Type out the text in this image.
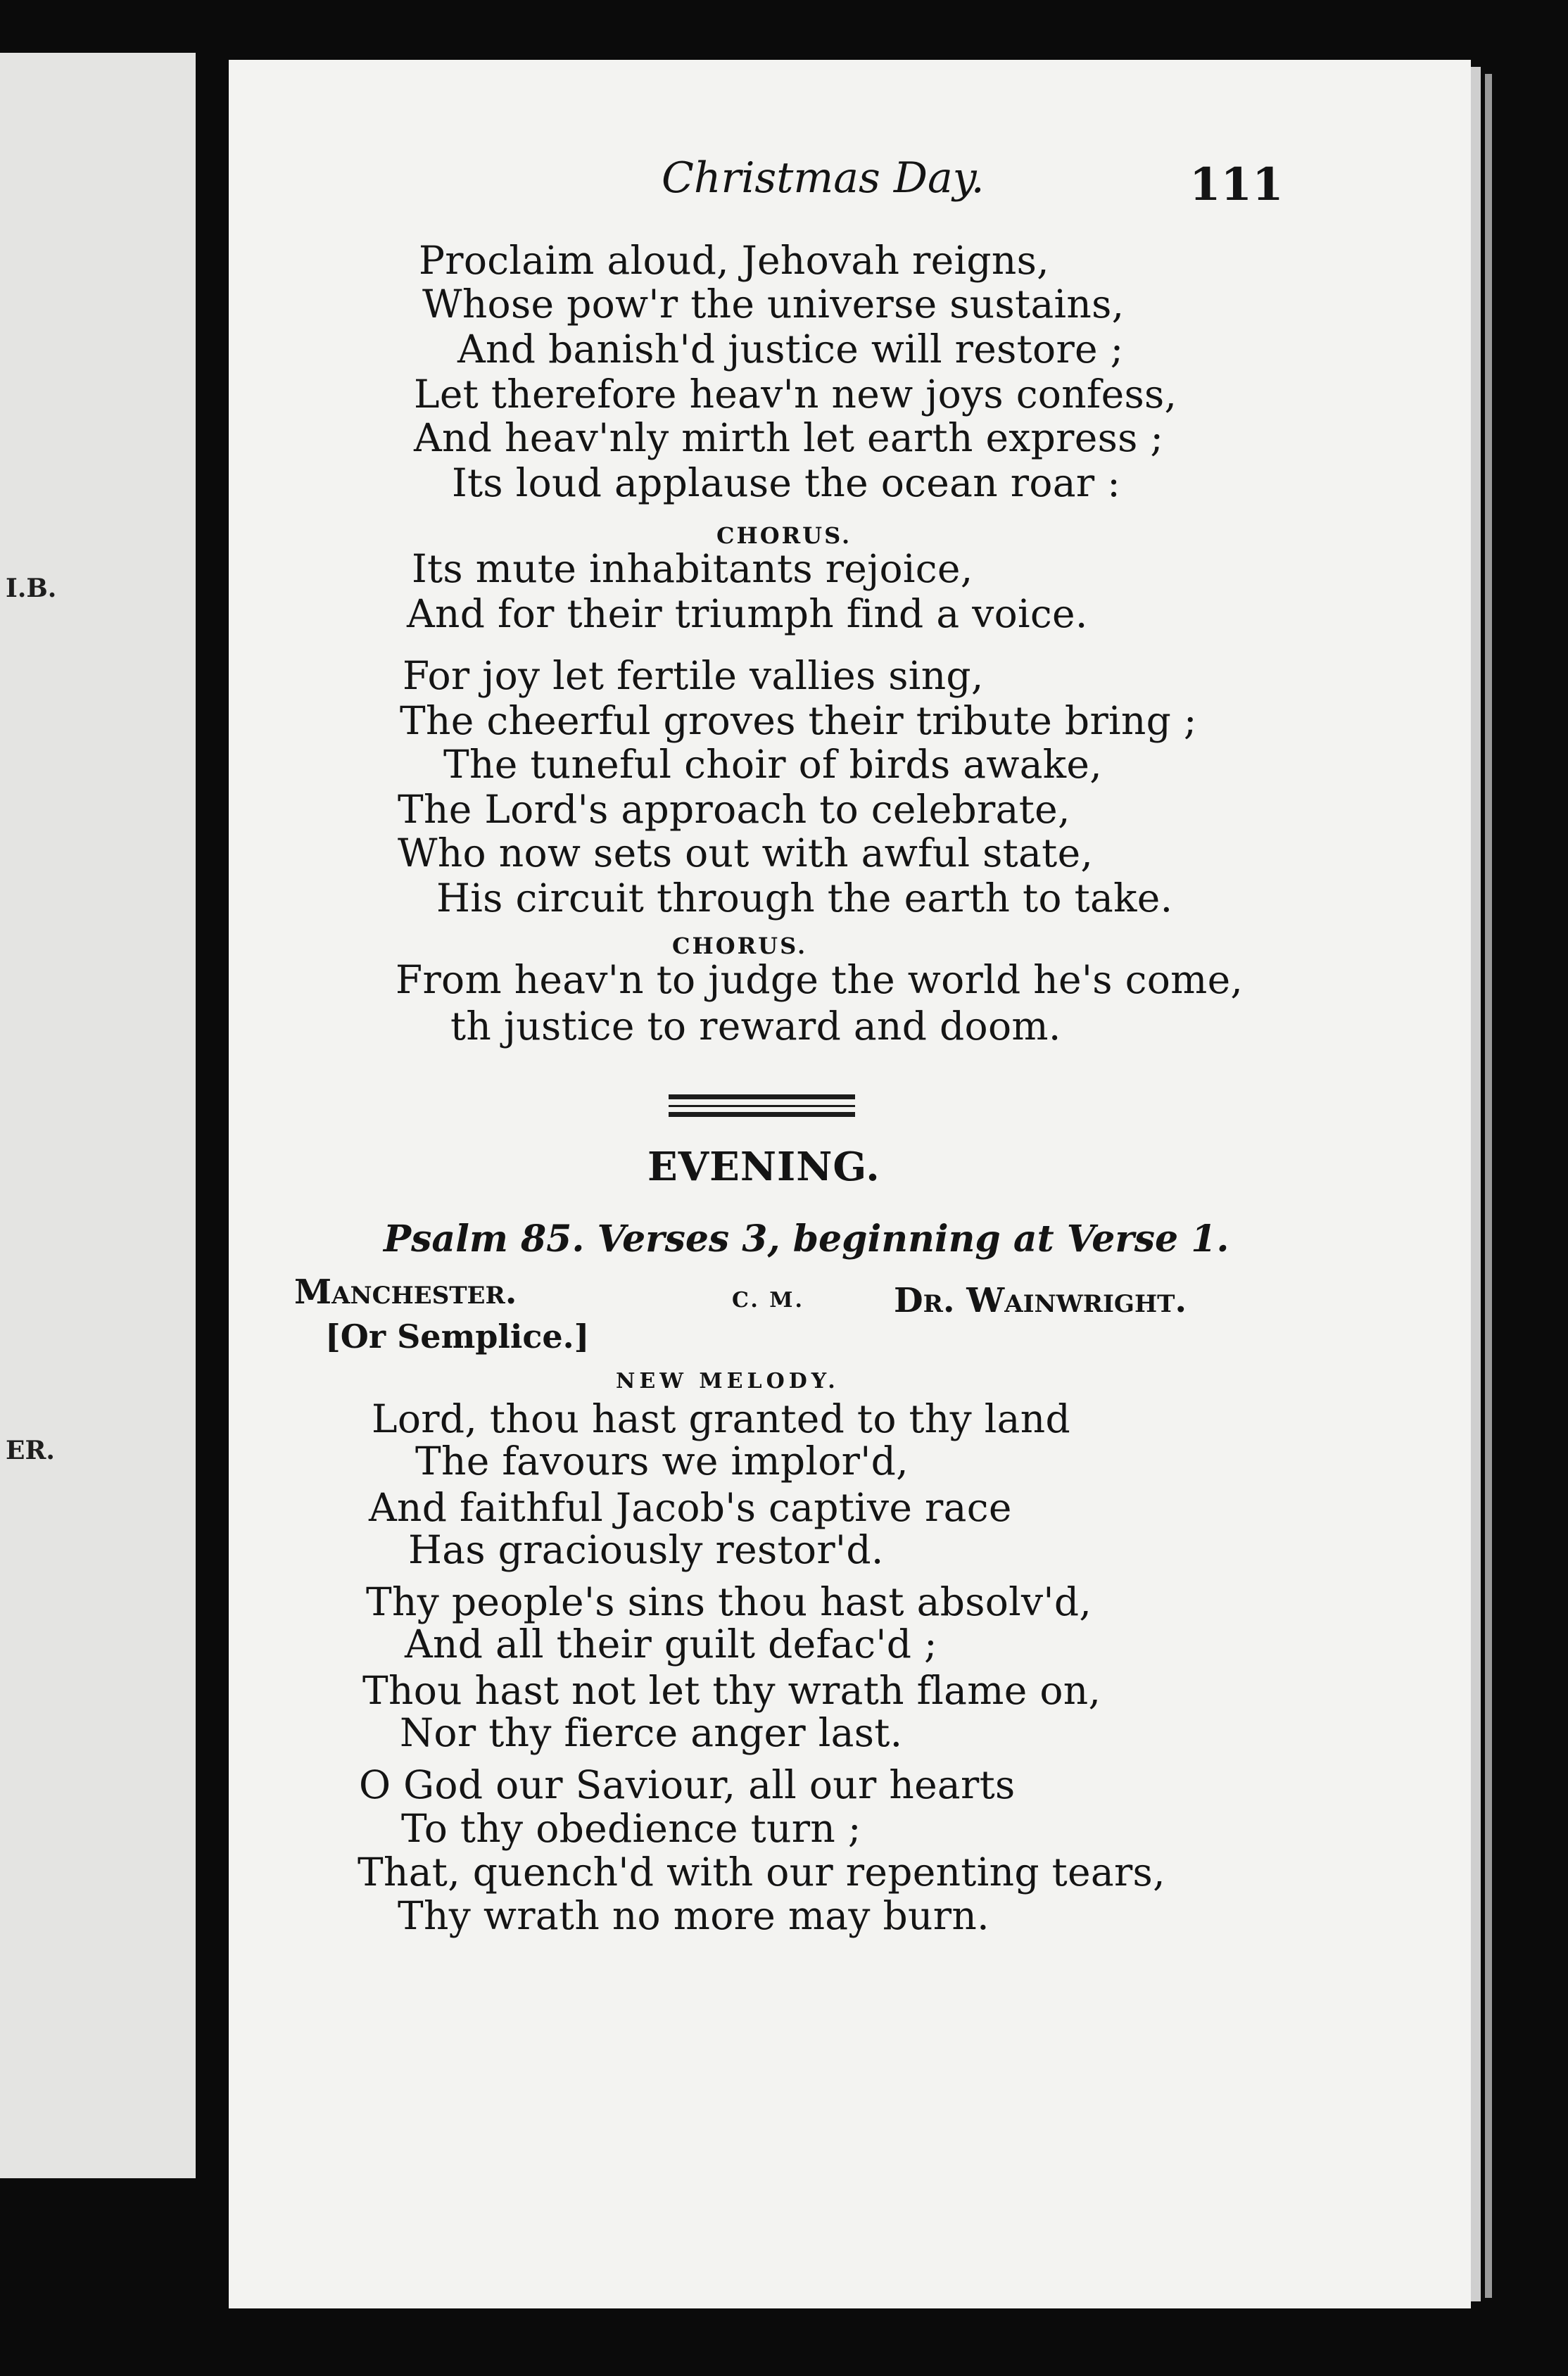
I.B.
ER.
Christmas Day.	111
Proclaim aloud, Jehovah reigns,
Whose pow'r the universe sustains,
And banish'd justice will restore ;
Let therefore heav'n new joys confess,
And heav'nly mirth let earth express ;
Its loud applause the ocean roar :
CHORUS.
Its mute inhabitants rejoice,
And for their triumph find a voice.
For joy let fertile vallies sing,
The cheerful groves their tribute bring ;
The tuneful choir of birds awake,
The Lord's approach to celebrate,
Who now sets out with awful state,
His circuit through the earth to take.
CHORUS.
From heav'n to judge the world he's come,
th justice to reward and doom.
EVENING.
Psalm 85. Verses 3, beginning at Verse 1.
Manchester.
[Or Semplice.]
C. M.	Dr. Wainwright.
NEW MELODY.
Lord, thou hast granted to thy land
The favours we implor'd,
And faithful Jacob's captive race
Has graciously restor'd.
Thy people's sins thou hast absolv'd,
And all their guilt defac'd ;
Thou hast not let thy wrath flame on,
Nor thy fierce anger last.
O God our Saviour, all our hearts
To thy obedience turn ;
That, quench'd with our repenting tears,
Thy wrath no more may burn.
